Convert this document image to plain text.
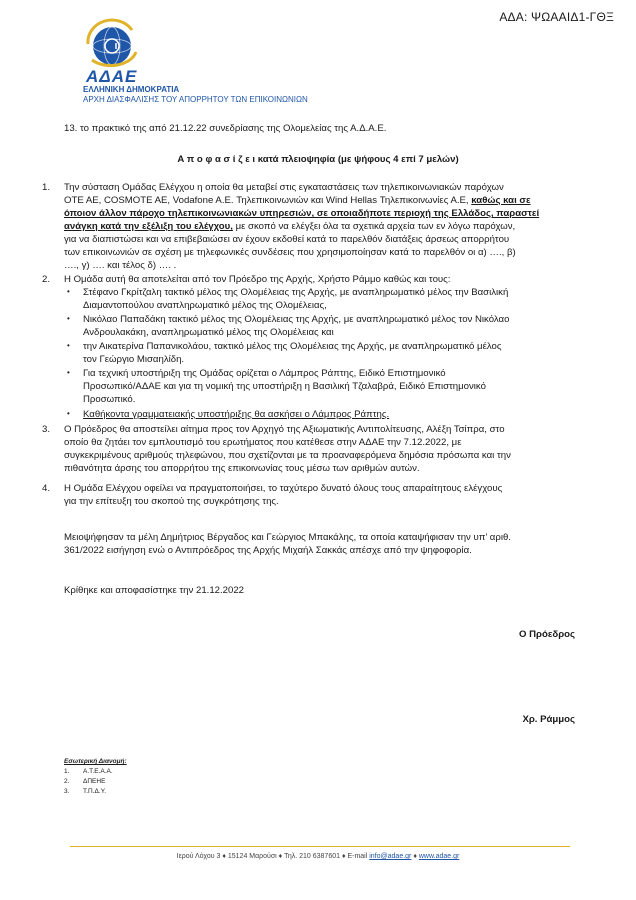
ΑΔΑ: ΨΩΑΑΙΔ1-ΓΘΞ
ΑΔΑΕ
ΕΛΛΗΝΙΚΗ ΔΗΜΟΚΡΑΤΙΑ
ΑΡΧΗ ΔΙΑΣΦΑΛΙΣΗΣ ΤΟΥ ΑΠΟΡΡΗΤΟΥ ΤΩΝ ΕΠΙΚΟΙΝΩΝΙΩΝ
13. το πρακτικό της από 21.12.22 συνεδρίασης της Ολομελείας της Α.Δ.Α.Ε.
Α π ο φ α σ ί ζ ε ι κατά πλειοψηφία (με ψήφους 4 επί 7 μελών)
1.	Την σύσταση Ομάδας Ελέγχου η οποία θα μεταβεί στις εγκαταστάσεις των τηλεπικοινωνιακών παρόχων
ΟΤΕ ΑΕ, COSMOTE AE, Vodafone A.E. Τηλεπικοινωνιών και Wind Hellas Τηλεπικοινωνίες Α.Ε, καθώς και σε
όποιον άλλον πάροχο τηλεπικοινωνιακών υπηρεσιών, σε οποιαδήποτε περιοχή της Ελλάδος, παραστεί
ανάγκη κατά την εξέλιξη του ελέγχου, με σκοπό να ελέγξει όλα τα σχετικά αρχεία των εν λόγω παρόχων,
για να διαπιστώσει και να επιβεβαιώσει αν έχουν εκδοθεί κατά το παρελθόν διατάξεις άρσεως απορρήτου
των επικοινωνιών σε σχέση με τηλεφωνικές συνδέσεις που χρησιμοποίησαν κατά το παρελθόν οι α) …., β)
…., γ) …. και τέλος δ) …. .
2.	Η Ομάδα αυτή θα αποτελείται από τον Πρόεδρο της Αρχής, Χρήστο Ράμμο καθώς και τους:
•	Στέφανο Γκρίτζαλη τακτικό μέλος της Ολομέλειας της Αρχής, με αναπληρωματικό μέλος την Βασιλική
Διαμαντοπούλου αναπληρωματικό μέλος της Ολομέλειας,
•	Νικόλαο Παπαδάκη τακτικό μέλος της Ολομέλειας της Αρχής, με αναπληρωματικό μέλος τον Νικόλαο
Ανδρουλακάκη, αναπληρωματικό μέλος της Ολομέλειας και
•	την Αικατερίνα Παπανικολάου, τακτικό μέλος της Ολομέλειας της Αρχής, με αναπληρωματικό μέλος
τον Γεώργιο Μισαηλίδη.
•	Για τεχνική υποστήριξη της Ομάδας ορίζεται ο Λάμπρος Ράπτης, Ειδικό Επιστημονικό
Προσωπικό/ΑΔΑΕ και για τη νομική της υποστήριξη η Βασιλική Τζαλαβρά, Ειδικό Επιστημονικό
Προσωπικό.
•	Καθήκοντα γραμματειακής υποστήριξης θα ασκήσει ο Λάμπρος Ράπτης.
3.	Ο Πρόεδρος θα αποστείλει αίτημα προς τον Αρχηγό της Αξιωματικής Αντιπολίτευσης, Αλέξη Τσίπρα, στο
οποίο θα ζητάει τον εμπλουτισμό του ερωτήματος που κατέθεσε στην ΑΔΑΕ την 7.12.2022, με
συγκεκριμένους αριθμούς τηλεφώνου, που σχετίζονται με τα προαναφερόμενα δημόσια πρόσωπα και την
πιθανότητα άρσης του απορρήτου της επικοινωνίας τους μέσω των αριθμών αυτών.
4.	Η Ομάδα Ελέγχου οφείλει να πραγματοποιήσει, το ταχύτερο δυνατό όλους τους απαραίτητους ελέγχους
για την επίτευξη του σκοπού της συγκρότησης της.
Μειοψήφησαν τα μέλη Δημήτριος Βέργαδος και Γεώργιος Μπακάλης, τα οποία καταψήφισαν την υπ’ αριθ.
361/2022 εισήγηση ενώ ο Αντιπρόεδρος της Αρχής Μιχαήλ Σακκάς απέσχε από την ψηφοφορία.
Κρίθηκε και αποφασίστηκε την 21.12.2022
Ο Πρόεδρος
Χρ. Ράμμος
Εσωτερική Διανομή:
1. Α.Τ.Ε.Α.Α.
2. ΔΠΕΗΕ
3. Τ.Π.Δ.Υ.
Ιερού Λόχου 3 ♦ 15124 Μαρούσι ♦ Τηλ. 210 6387601 ♦ E-mail info@adae.gr ♦ www.adae.gr
